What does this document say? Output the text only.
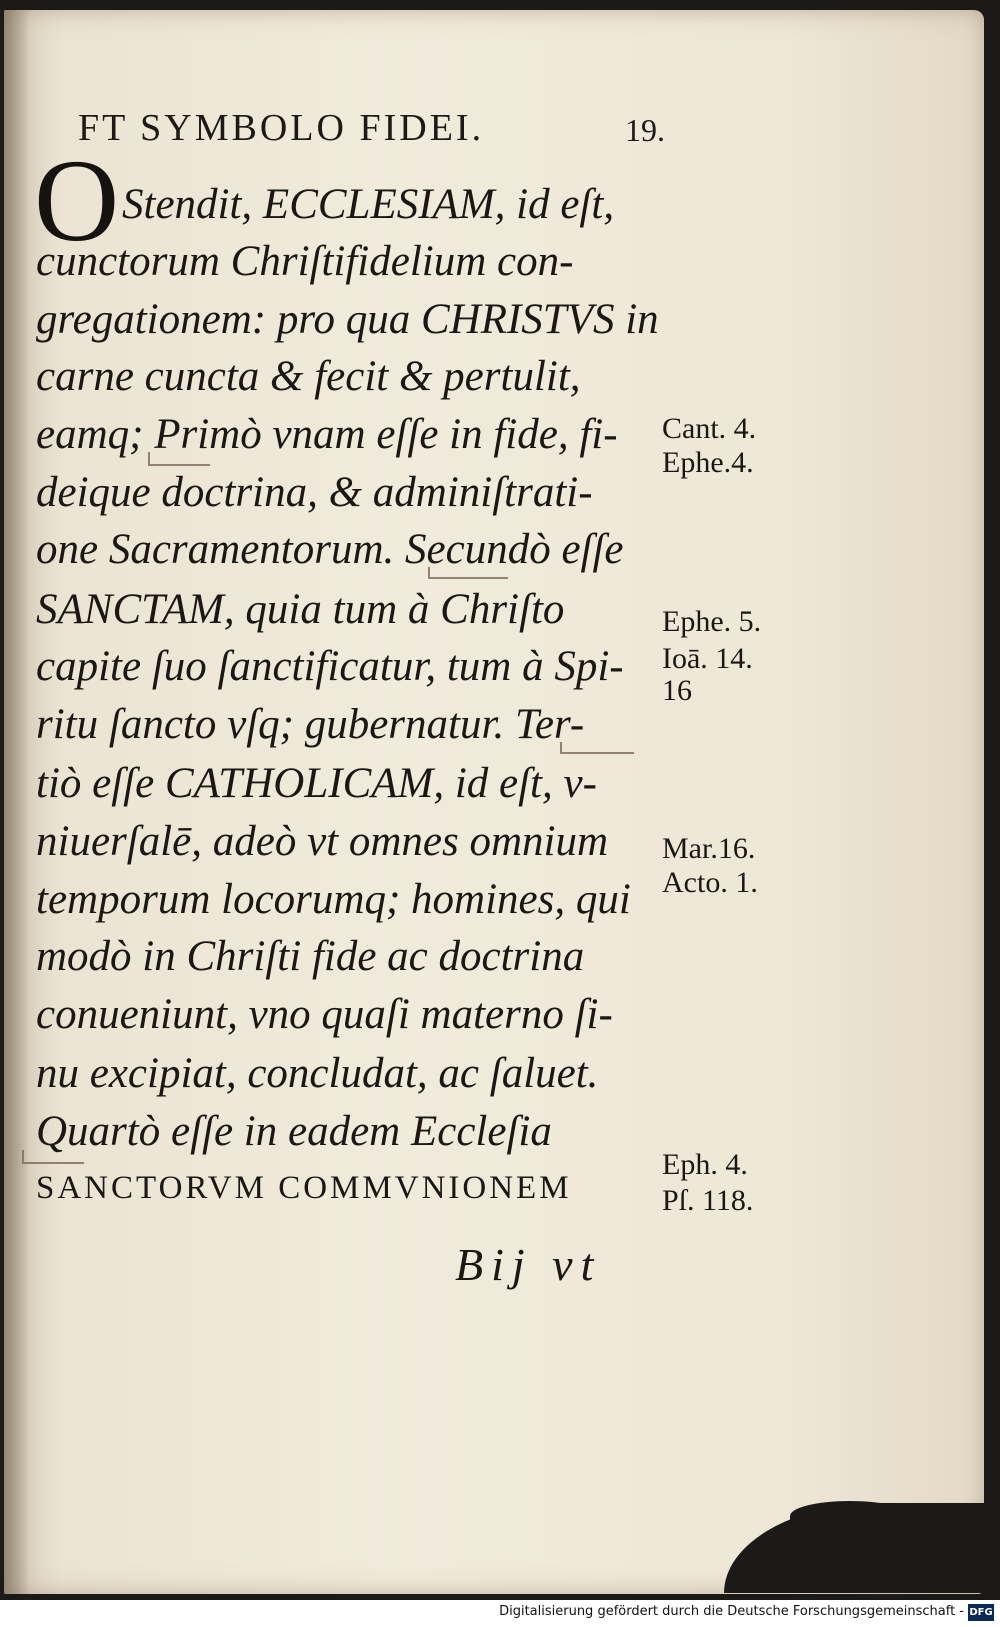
FT SYMBOLO FIDEI.	19.
O Stendit, ECCLESIAM, id eſt,
cunctorum Chriſtifidelium con-
gregationem: pro qua CHRISTVS in
carne cuncta & fecit & pertulit,
eamq; Primò vnam eſſe in fide, fi-
deique doctrina, & adminiſtrati-
one Sacramentorum. Secundò eſſe
SANCTAM, quia tum à Chriſto
capite ſuo ſanctificatur, tum à Spi-
ritu ſancto vſq; gubernatur. Ter-
tiò eſſe CATHOLICAM, id eſt, v-
niuerſalē, adeò vt omnes omnium
temporum locorumq; homines, qui
modò in Chriſti fide ac doctrina
conueniunt, vno quaſi materno ſi-
nu excipiat, concludat, ac ſaluet.
Quartò eſſe in eadem Eccleſia
SANCTORVM COMMVNIONEM
Cant. 4.
Ephe.4.
Ephe. 5.
Ioā. 14.
16
Mar.16.
Acto. 1.
Eph. 4.
Pſ. 118.
Bij vt
Digitalisierung gefördert durch die Deutsche Forschungsgemeinschaft - DFG
